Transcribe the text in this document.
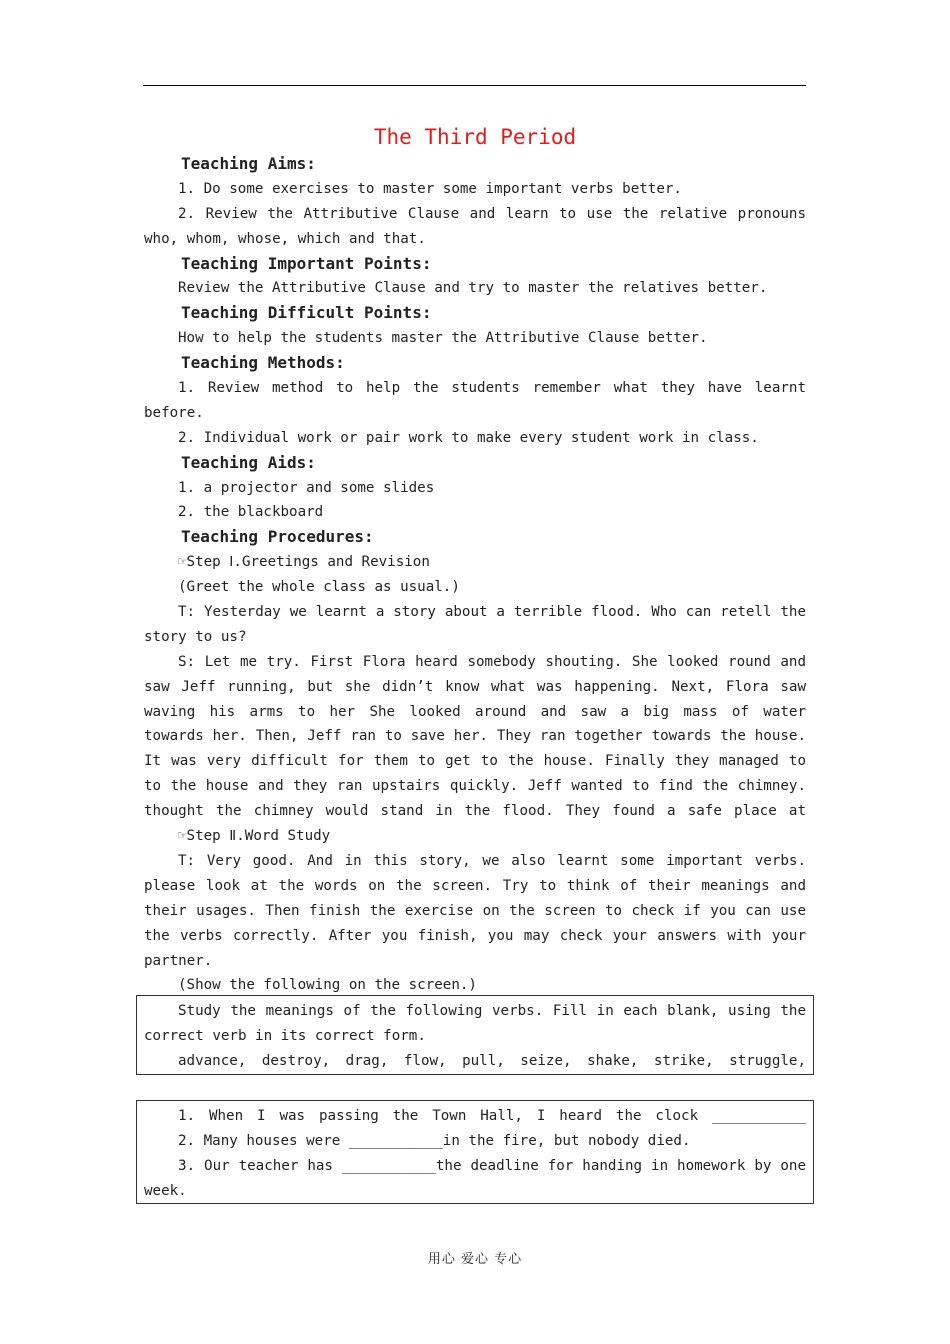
The Third Period
Teaching Aims:
1. Do some exercises to master some important verbs better.
2. Review the Attributive Clause and learn to use the relative pronouns
who, whom, whose, which and that.
Teaching Important Points:
Review the Attributive Clause and try to master the relatives better.
Teaching Difficult Points:
How to help the students master the Attributive Clause better.
Teaching Methods:
1. Review method to help the students remember what they have learnt
before.
2. Individual work or pair work to make every student work in class.
Teaching Aids:
1. a projector and some slides
2. the blackboard
Teaching Procedures:
☞Step Ⅰ.Greetings and Revision
(Greet the whole class as usual.)
T: Yesterday we learnt a story about a terrible flood. Who can retell the
story to us?
S: Let me try. First Flora heard somebody shouting. She looked round and
saw Jeff running, but she didn’t know what was happening. Next, Flora saw
waving his arms to her She looked around and saw a big mass of water
towards her. Then, Jeff ran to save her. They ran together towards the house.
It was very difficult for them to get to the house. Finally they managed to
to the house and they ran upstairs quickly. Jeff wanted to find the chimney.
thought the chimney would stand in the flood. They found a safe place at
☞Step Ⅱ.Word Study
T: Very good. And in this story, we also learnt some important verbs.
please look at the words on the screen. Try to think of their meanings and
their usages. Then finish the exercise on the screen to check if you can use
the verbs correctly. After you finish, you may check your answers with your
partner.
(Show the following on the screen.)
Study the meanings of the following verbs. Fill in each blank, using the
correct verb in its correct form.
advance, destroy, drag, flow, pull, seize, shake, strike, struggle,
1. When I was passing the Town Hall, I heard the clock ___________
2. Many houses were ___________in the fire, but nobody died.
3. Our teacher has ___________the deadline for handing in homework by one
week.
用心 爱心 专心
